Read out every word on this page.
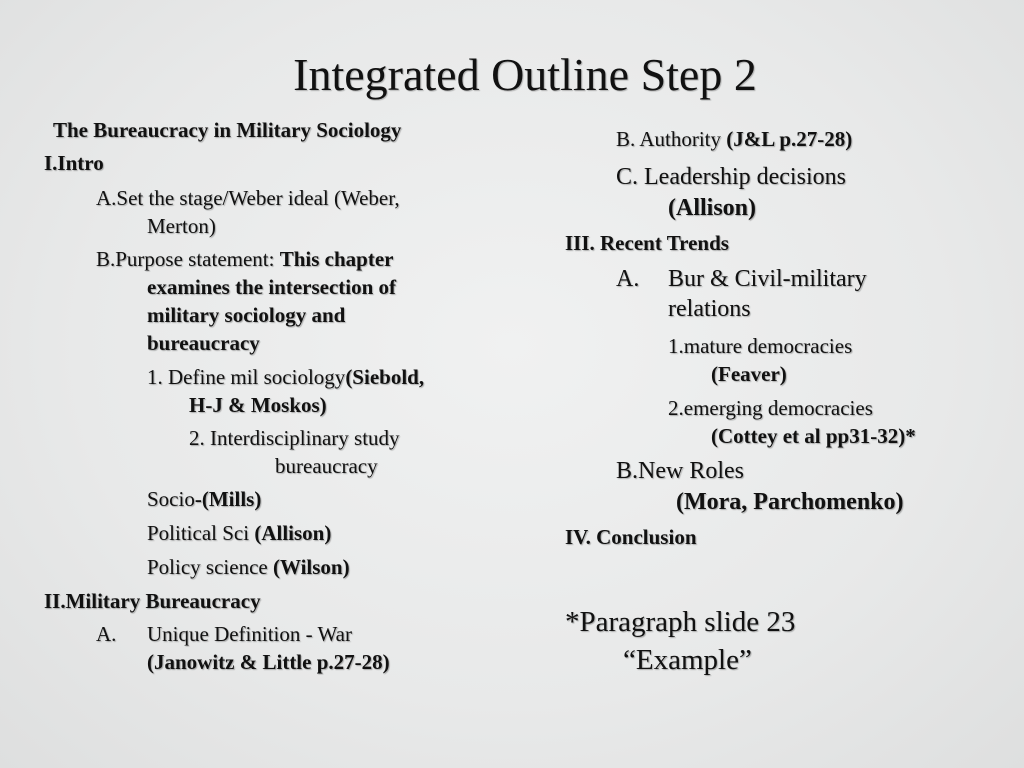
Integrated Outline Step 2
The Bureaucracy in Military Sociology
I.Intro
A.Set the stage/Weber ideal (Weber,
Merton)
B.Purpose statement: This chapter
examines the intersection of
military sociology and
bureaucracy
1. Define mil sociology(Siebold,
H-J & Moskos)
2. Interdisciplinary study
bureaucracy
Socio-(Mills)
Political Sci (Allison)
Policy science (Wilson)
II.Military Bureaucracy
A. Unique Definition - War
(Janowitz & Little p.27-28)
B. Authority (J&L p.27-28)
C. Leadership decisions
(Allison)
III. Recent Trends
A. Bur & Civil-military
relations
1.mature democracies
(Feaver)
2.emerging democracies
(Cottey et al pp31-32)*
B.New Roles
(Mora, Parchomenko)
IV. Conclusion
*Paragraph slide 23
“Example”
